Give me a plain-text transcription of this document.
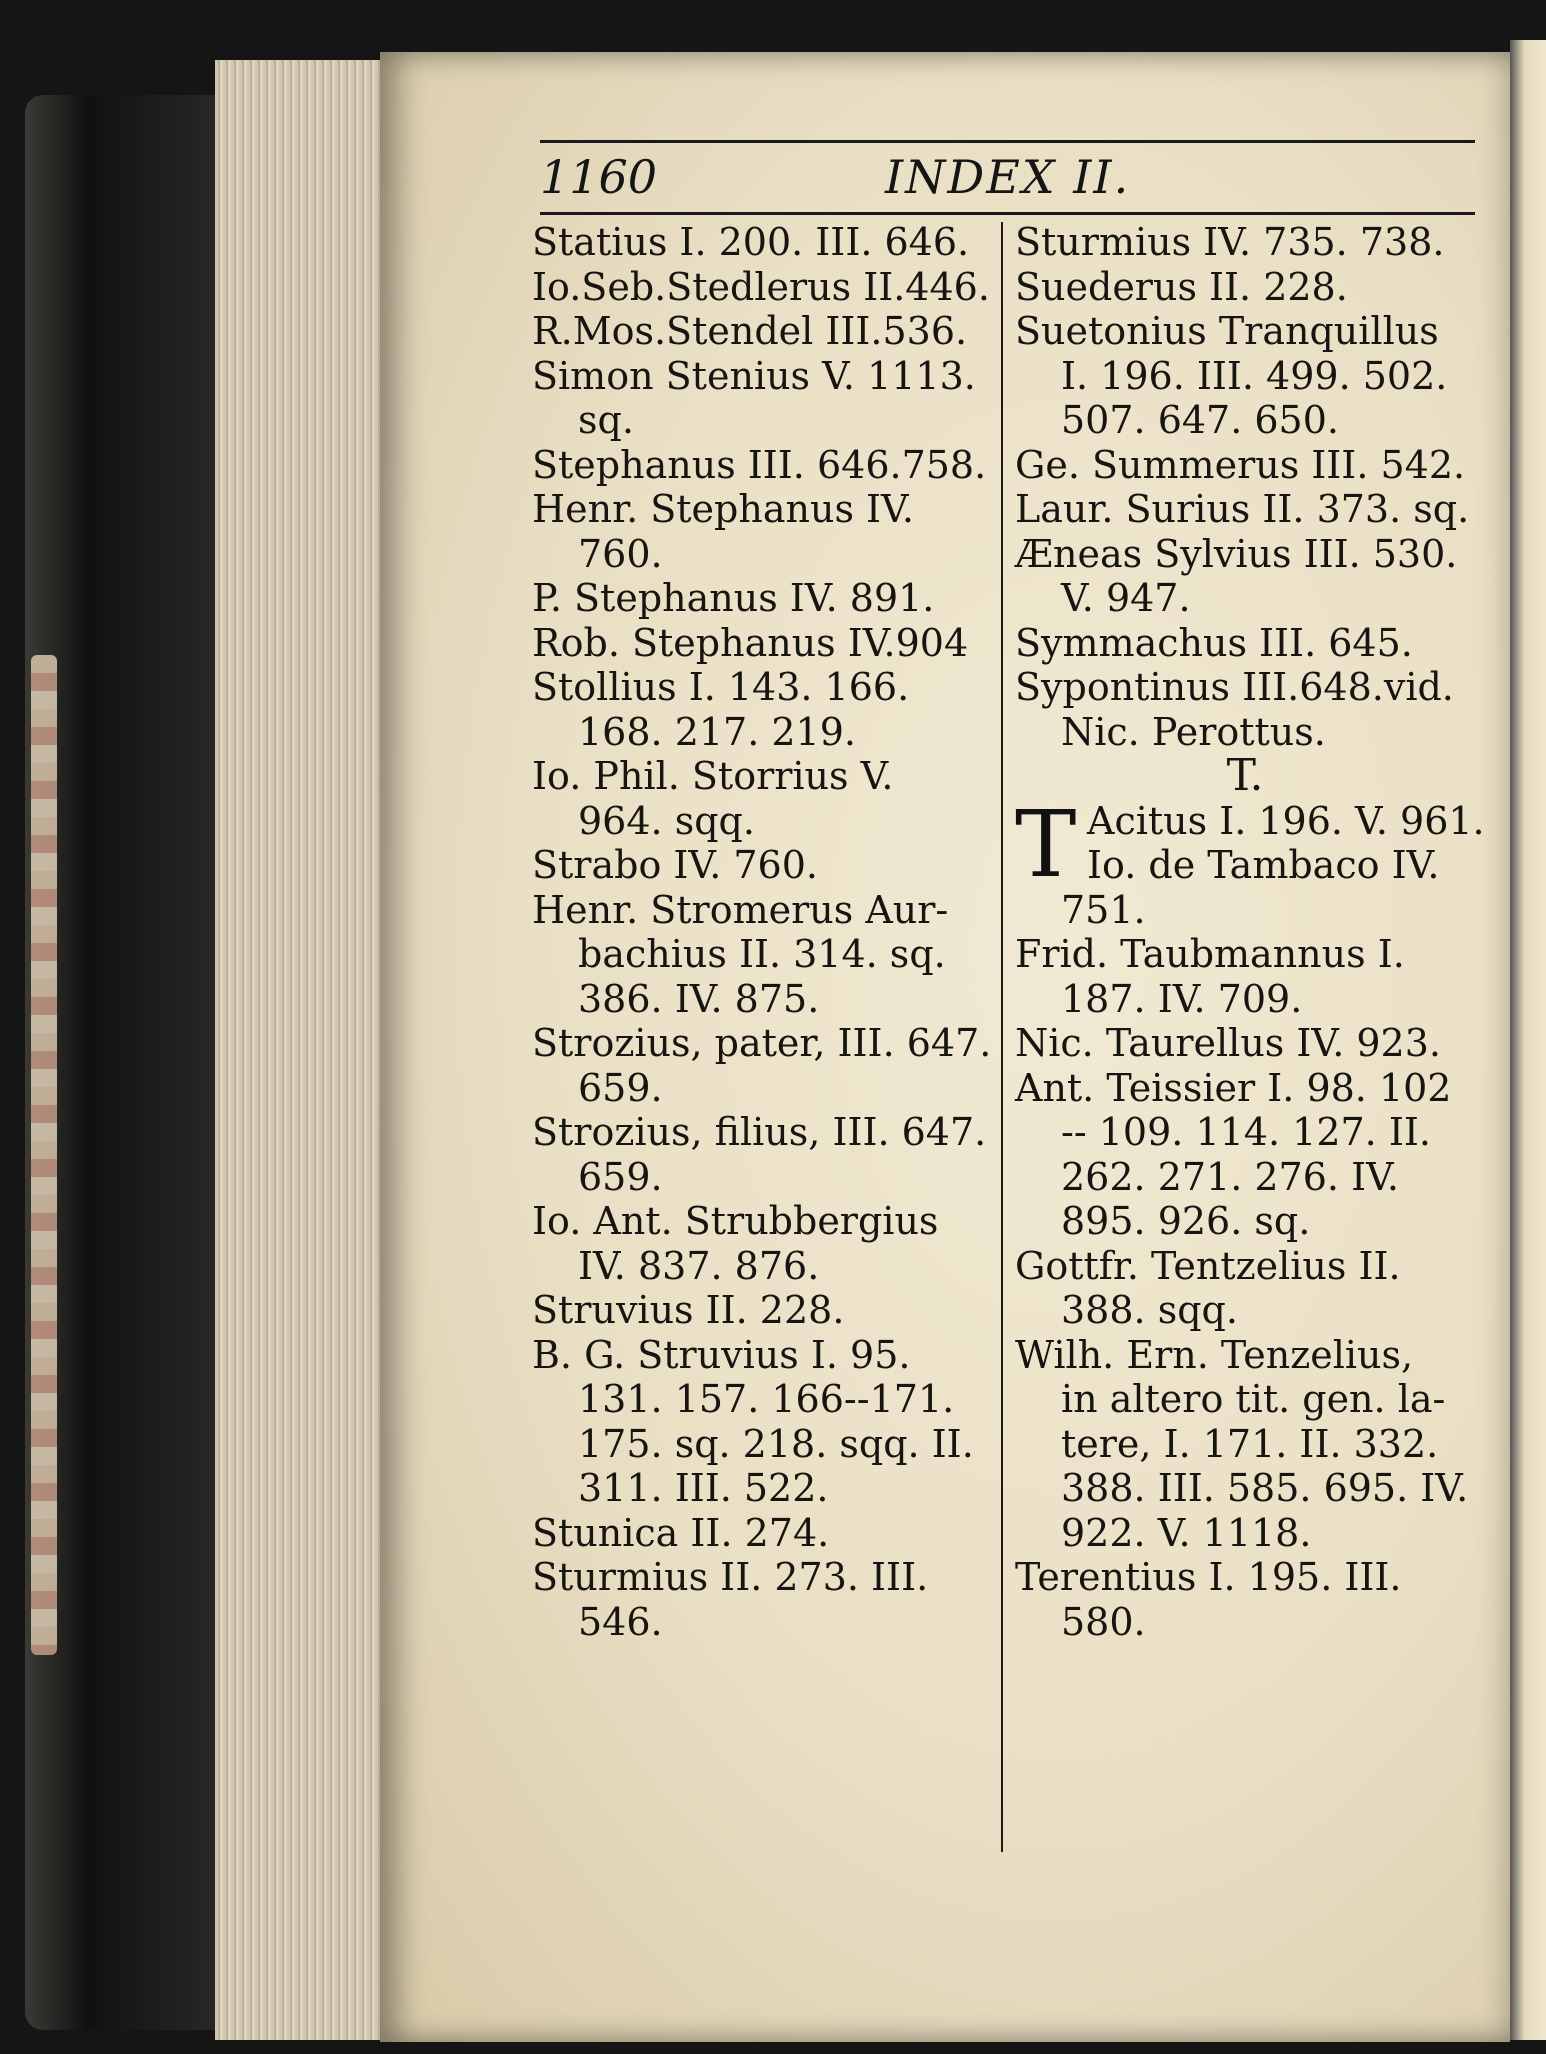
1160	INDEX II.
Statius I. 200. III. 646.
Io.Seb.Stedlerus II.446.
R.Mos.Stendel III.536.
Simon Stenius V. 1113.
sq.
Stephanus III. 646.758.
Henr. Stephanus IV.
760.
P. Stephanus IV. 891.
Rob. Stephanus IV.904
Stollius I. 143. 166.
168. 217. 219.
Io. Phil. Storrius V.
964. sqq.
Strabo IV. 760.
Henr. Stromerus Aur-
bachius II. 314. sq.
386. IV. 875.
Strozius, pater, III. 647.
659.
Strozius, filius, III. 647.
659.
Io. Ant. Strubbergius
IV. 837. 876.
Struvius II. 228.
B. G. Struvius I. 95.
131. 157. 166--171.
175. sq. 218. sqq. II.
311. III. 522.
Stunica II. 274.
Sturmius II. 273. III.
546.
Sturmius IV. 735. 738.
Suederus II. 228.
Suetonius Tranquillus
I. 196. III. 499. 502.
507. 647. 650.
Ge. Summerus III. 542.
Laur. Surius II. 373. sq.
Æneas Sylvius III. 530.
V. 947.
Symmachus III. 645.
Sypontinus III.648.vid.
Nic. Perottus.
T.
T Acitus I. 196. V. 961.
Io. de Tambaco IV.
751.
Frid. Taubmannus I.
187. IV. 709.
Nic. Taurellus IV. 923.
Ant. Teissier I. 98. 102
-- 109. 114. 127. II.
262. 271. 276. IV.
895. 926. sq.
Gottfr. Tentzelius II.
388. sqq.
Wilh. Ern. Tenzelius,
in altero tit. gen. la-
tere, I. 171. II. 332.
388. III. 585. 695. IV.
922. V. 1118.
Terentius I. 195. III.
580.
